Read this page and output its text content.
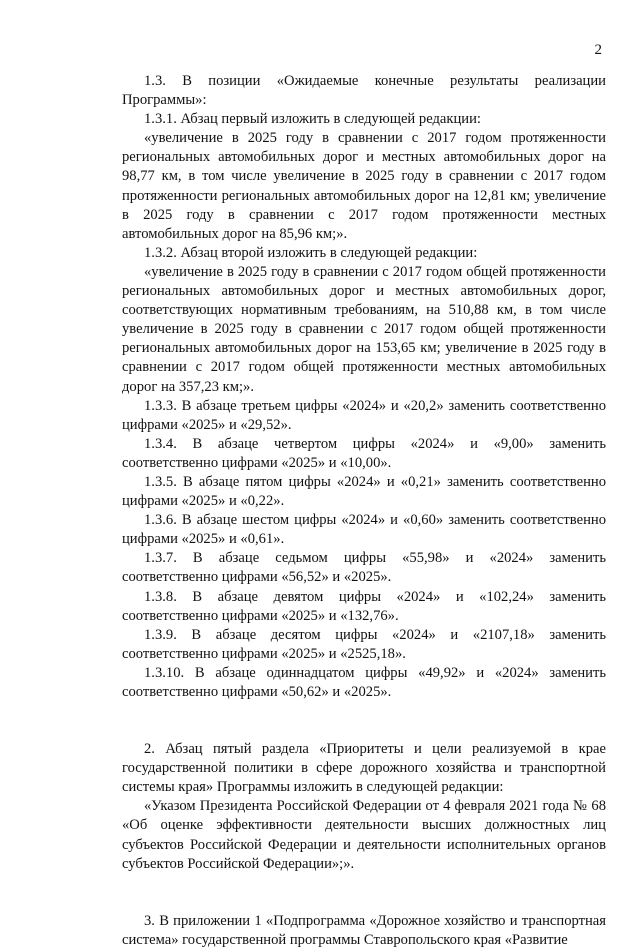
2

1.3. В позиции «Ожидаемые конечные результаты реализации Программы»:

1.3.1. Абзац первый изложить в следующей редакции:

«увеличение в 2025 году в сравнении с 2017 годом протяженности региональных автомобильных дорог и местных автомобильных дорог на 98,77 км, в том числе увеличение в 2025 году в сравнении с 2017 годом протяженности региональных автомобильных дорог на 12,81 км; увеличение в 2025 году в сравнении с 2017 годом протяженности местных автомобильных дорог на 85,96 км;».

1.3.2. Абзац второй изложить в следующей редакции:

«увеличение в 2025 году в сравнении с 2017 годом общей протяженности региональных автомобильных дорог и местных автомобильных дорог, соответствующих нормативным требованиям, на 510,88 км, в том числе увеличение в 2025 году в сравнении с 2017 годом общей протяженности региональных автомобильных дорог на 153,65 км; увеличение в 2025 году в сравнении с 2017 годом общей протяженности местных автомобильных дорог на 357,23 км;».

1.3.3. В абзаце третьем цифры «2024» и «20,2» заменить соответственно цифрами «2025» и «29,52».

1.3.4. В абзаце четвертом цифры «2024» и «9,00» заменить соответственно цифрами «2025» и «10,00».

1.3.5. В абзаце пятом цифры «2024» и «0,21» заменить соответственно цифрами «2025» и «0,22».

1.3.6. В абзаце шестом цифры «2024» и «0,60» заменить соответственно цифрами «2025» и «0,61».

1.3.7. В абзаце седьмом цифры «55,98» и «2024» заменить соответственно цифрами «56,52» и «2025».

1.3.8. В абзаце девятом цифры «2024» и «102,24» заменить соответственно цифрами «2025» и «132,76».

1.3.9. В абзаце десятом цифры «2024» и «2107,18» заменить соответственно цифрами «2025» и «2525,18».

1.3.10. В абзаце одиннадцатом цифры «49,92» и «2024» заменить соответственно цифрами «50,62» и «2025».

2. Абзац пятый раздела «Приоритеты и цели реализуемой в крае государственной политики в сфере дорожного хозяйства и транспортной системы края» Программы изложить в следующей редакции:

«Указом Президента Российской Федерации от 4 февраля 2021 года № 68 «Об оценке эффективности деятельности высших должностных лиц субъектов Российской Федерации и деятельности исполнительных органов субъектов Российской Федерации»;».

3. В приложении 1 «Подпрограмма «Дорожное хозяйство и транспортная система» государственной программы Ставропольского края «Развитие
